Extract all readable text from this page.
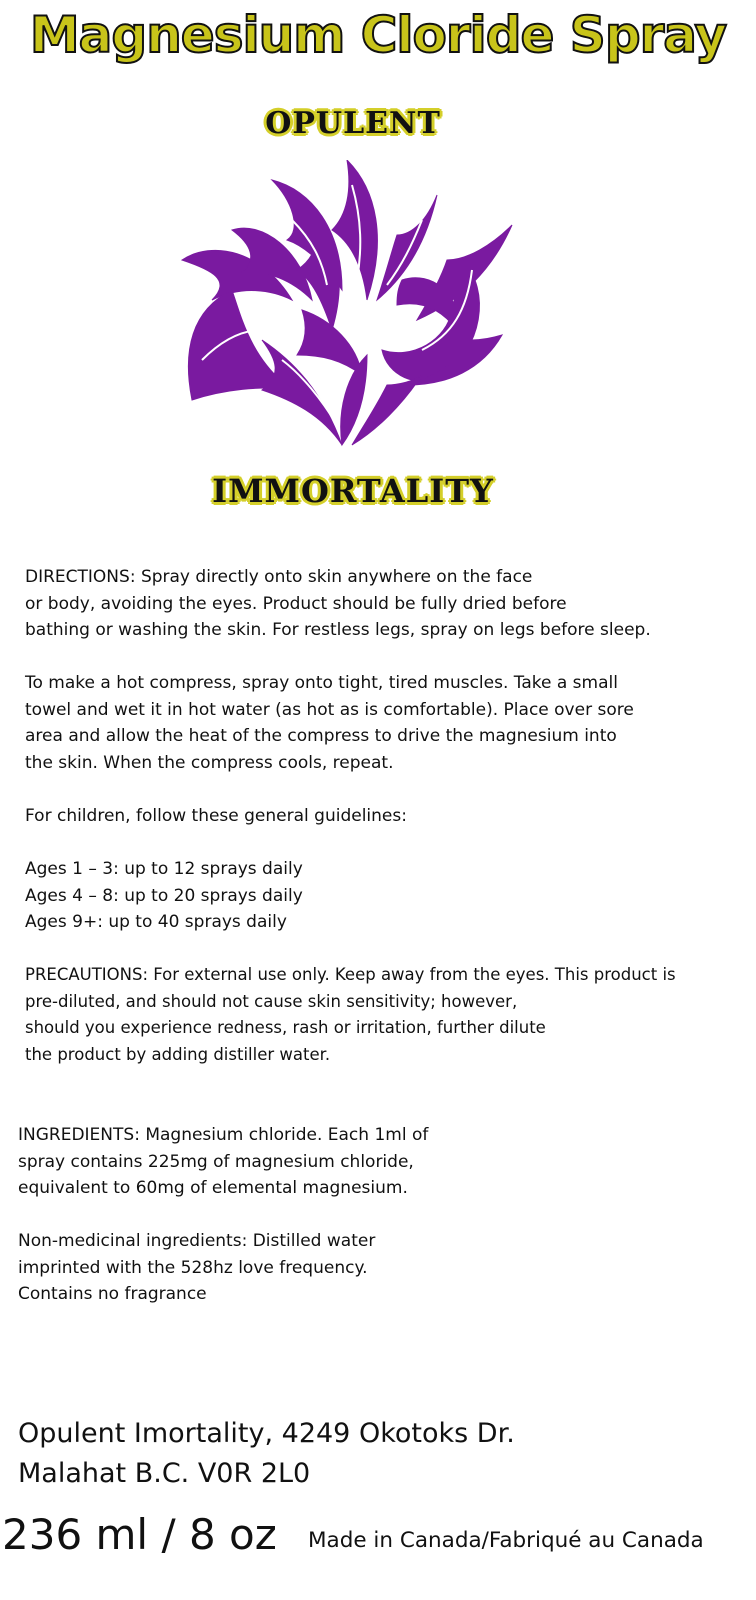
Magnesium Cloride Spray
OPULENT
IMMORTALITY

DIRECTIONS: Spray directly onto skin anywhere on the face
or body, avoiding the eyes. Product should be fully dried before
bathing or washing the skin. For restless legs, spray on legs before sleep.

To make a hot compress, spray onto tight, tired muscles. Take a small
towel and wet it in hot water (as hot as is comfortable). Place over sore
area and allow the heat of the compress to drive the magnesium into
the skin. When the compress cools, repeat.

For children, follow these general guidelines:

Ages 1 – 3: up to 12 sprays daily
Ages 4 – 8: up to 20 sprays daily
Ages 9+: up to 40 sprays daily

PRECAUTIONS: For external use only. Keep away from the eyes. This product is
pre-diluted, and should not cause skin sensitivity; however,
should you experience redness, rash or irritation, further dilute
the product by adding distiller water.

INGREDIENTS: Magnesium chloride. Each 1ml of
spray contains 225mg of magnesium chloride,
equivalent to 60mg of elemental magnesium.

Non-medicinal ingredients: Distilled water
imprinted with the 528hz love frequency.
Contains no fragrance

Opulent Imortality, 4249 Okotoks Dr.
Malahat B.C. V0R 2L0

236 ml / 8 oz Made in Canada/Fabriqué au Canada
